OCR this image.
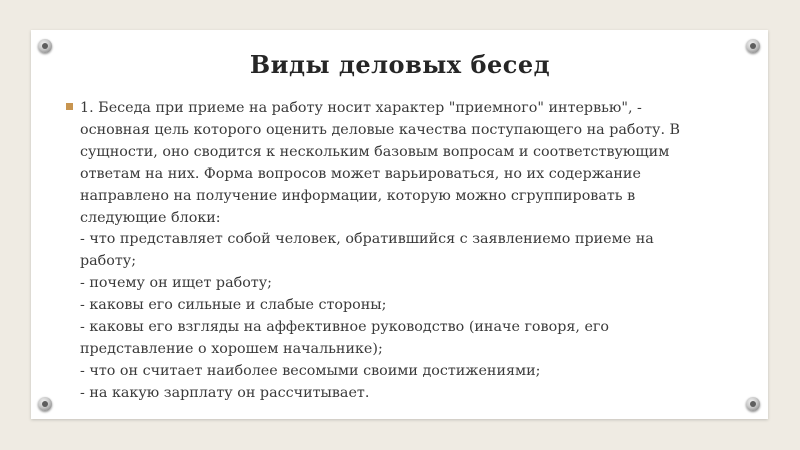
Виды деловых бесед

1. Беседа при приеме на работу носит характер "приемного" интервью", -
основная цель которого оценить деловые качества поступающего на работу. В
сущности, оно сводится к нескольким базовым вопросам и соответствующим
ответам на них. Форма вопросов может варьироваться, но их содержание
направлено на получение информации, которую можно сгруппировать в
следующие блоки:
- что представляет собой человек, обратившийся с заявлениемо приеме на
работу;
- почему он ищет работу;
- каковы его сильные и слабые стороны;
- каковы его взгляды на аффективное руководство (иначе говоря, его
представление о хорошем начальнике);
- что он считает наиболее весомыми своими достижениями;
- на какую зарплату он рассчитывает.
